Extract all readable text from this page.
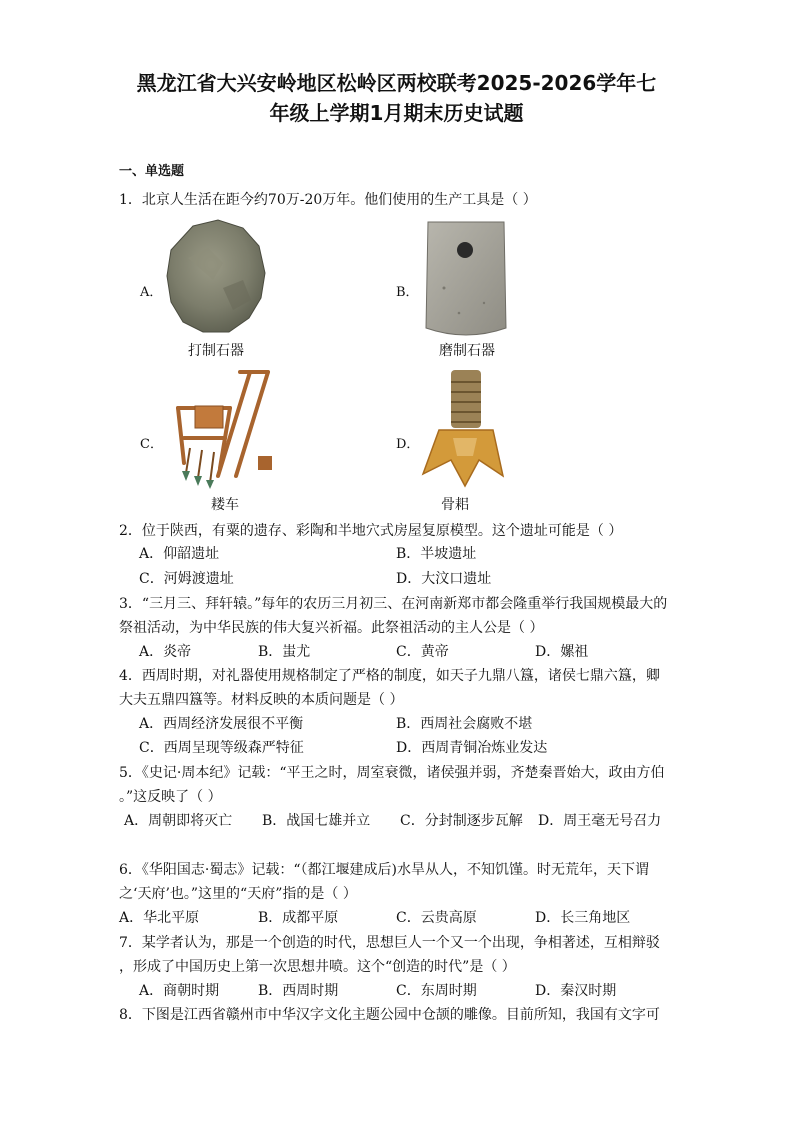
黑龙江省大兴安岭地区松岭区两校联考2025-2026学年七
年级上学期1月期末历史试题
一、单选题
1．北京人生活在距今约70万-20万年。他们使用的生产工具是（ ）
A．
打制石器
B．
磨制石器
C．
耧车
D．
骨耜
2．位于陕西，有粟的遗存、彩陶和半地穴式房屋复原模型。这个遗址可能是（ ）
A．仰韶遗址	B．半坡遗址
C．河姆渡遗址	D．大汶口遗址
3．“三月三、拜轩辕。”每年的农历三月初三、在河南新郑市都会隆重举行我国规模最大的
祭祖活动，为中华民族的伟大复兴祈福。此祭祖活动的主人公是（ ）
A．炎帝	B．蚩尤	C．黄帝	D．嫘祖
4．西周时期，对礼器使用规格制定了严格的制度，如天子九鼎八簋，诸侯七鼎六簋，卿
大夫五鼎四簋等。材料反映的本质问题是（ ）
A．西周经济发展很不平衡	B．西周社会腐败不堪
C．西周呈现等级森严特征	D．西周青铜冶炼业发达
5．《史记·周本纪》记载：“平王之时，周室衰微，诸侯强并弱，齐楚秦晋始大，政由方伯
。”这反映了（ ）
A．周朝即将灭亡 B．战国七雄并立 C．分封制逐步瓦解 D．周王毫无号召力
6．《华阳国志·蜀志》记载：“（都江堰建成后)水旱从人，不知饥馑。时无荒年，天下谓
之‘天府’也。”这里的“天府”指的是（ ）
A．华北平原	B．成都平原	C．云贵高原	D．长三角地区
7．某学者认为，那是一个创造的时代，思想巨人一个又一个出现，争相著述，互相辩驳
，形成了中国历史上第一次思想井喷。这个“创造的时代”是（ ）
A．商朝时期	B．西周时期	C．东周时期	D．秦汉时期
8．下图是江西省赣州市中华汉字文化主题公园中仓颉的雕像。目前所知，我国有文字可
